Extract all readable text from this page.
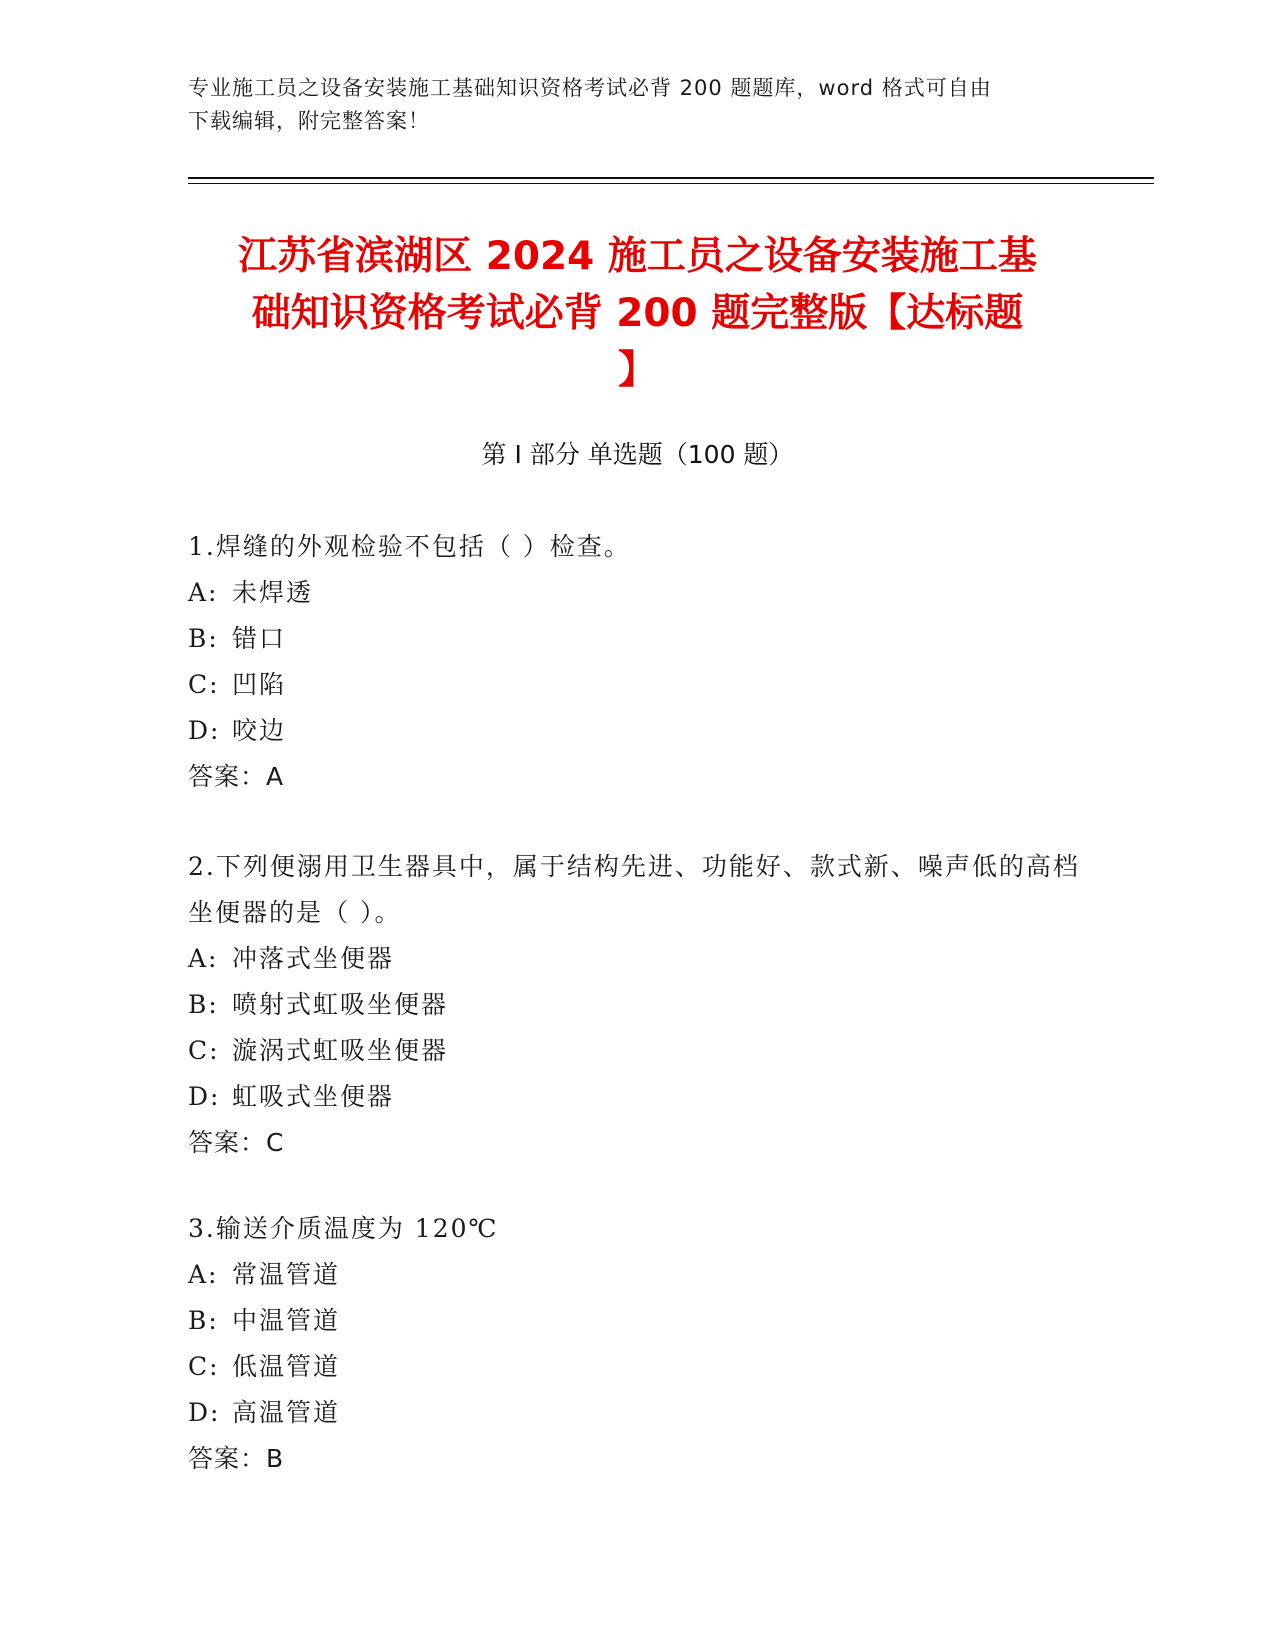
专业施工员之设备安装施工基础知识资格考试必背 200 题题库，word 格式可自由
下载编辑，附完整答案！
江苏省滨湖区 2024 施工员之设备安装施工基
础知识资格考试必背 200 题完整版【达标题
】
第 I 部分 单选题（100 题）
1.焊缝的外观检验不包括（ ）检查。
A: 未焊透
B: 错口
C: 凹陷
D: 咬边
答案：A
2.下列便溺用卫生器具中，属于结构先进、功能好、款式新、噪声低的高档坐便器的是（ ）。
A: 冲落式坐便器
B: 喷射式虹吸坐便器
C: 漩涡式虹吸坐便器
D: 虹吸式坐便器
答案：C
3.输送介质温度为 120℃
A: 常温管道
B: 中温管道
C: 低温管道
D: 高温管道
答案：B
